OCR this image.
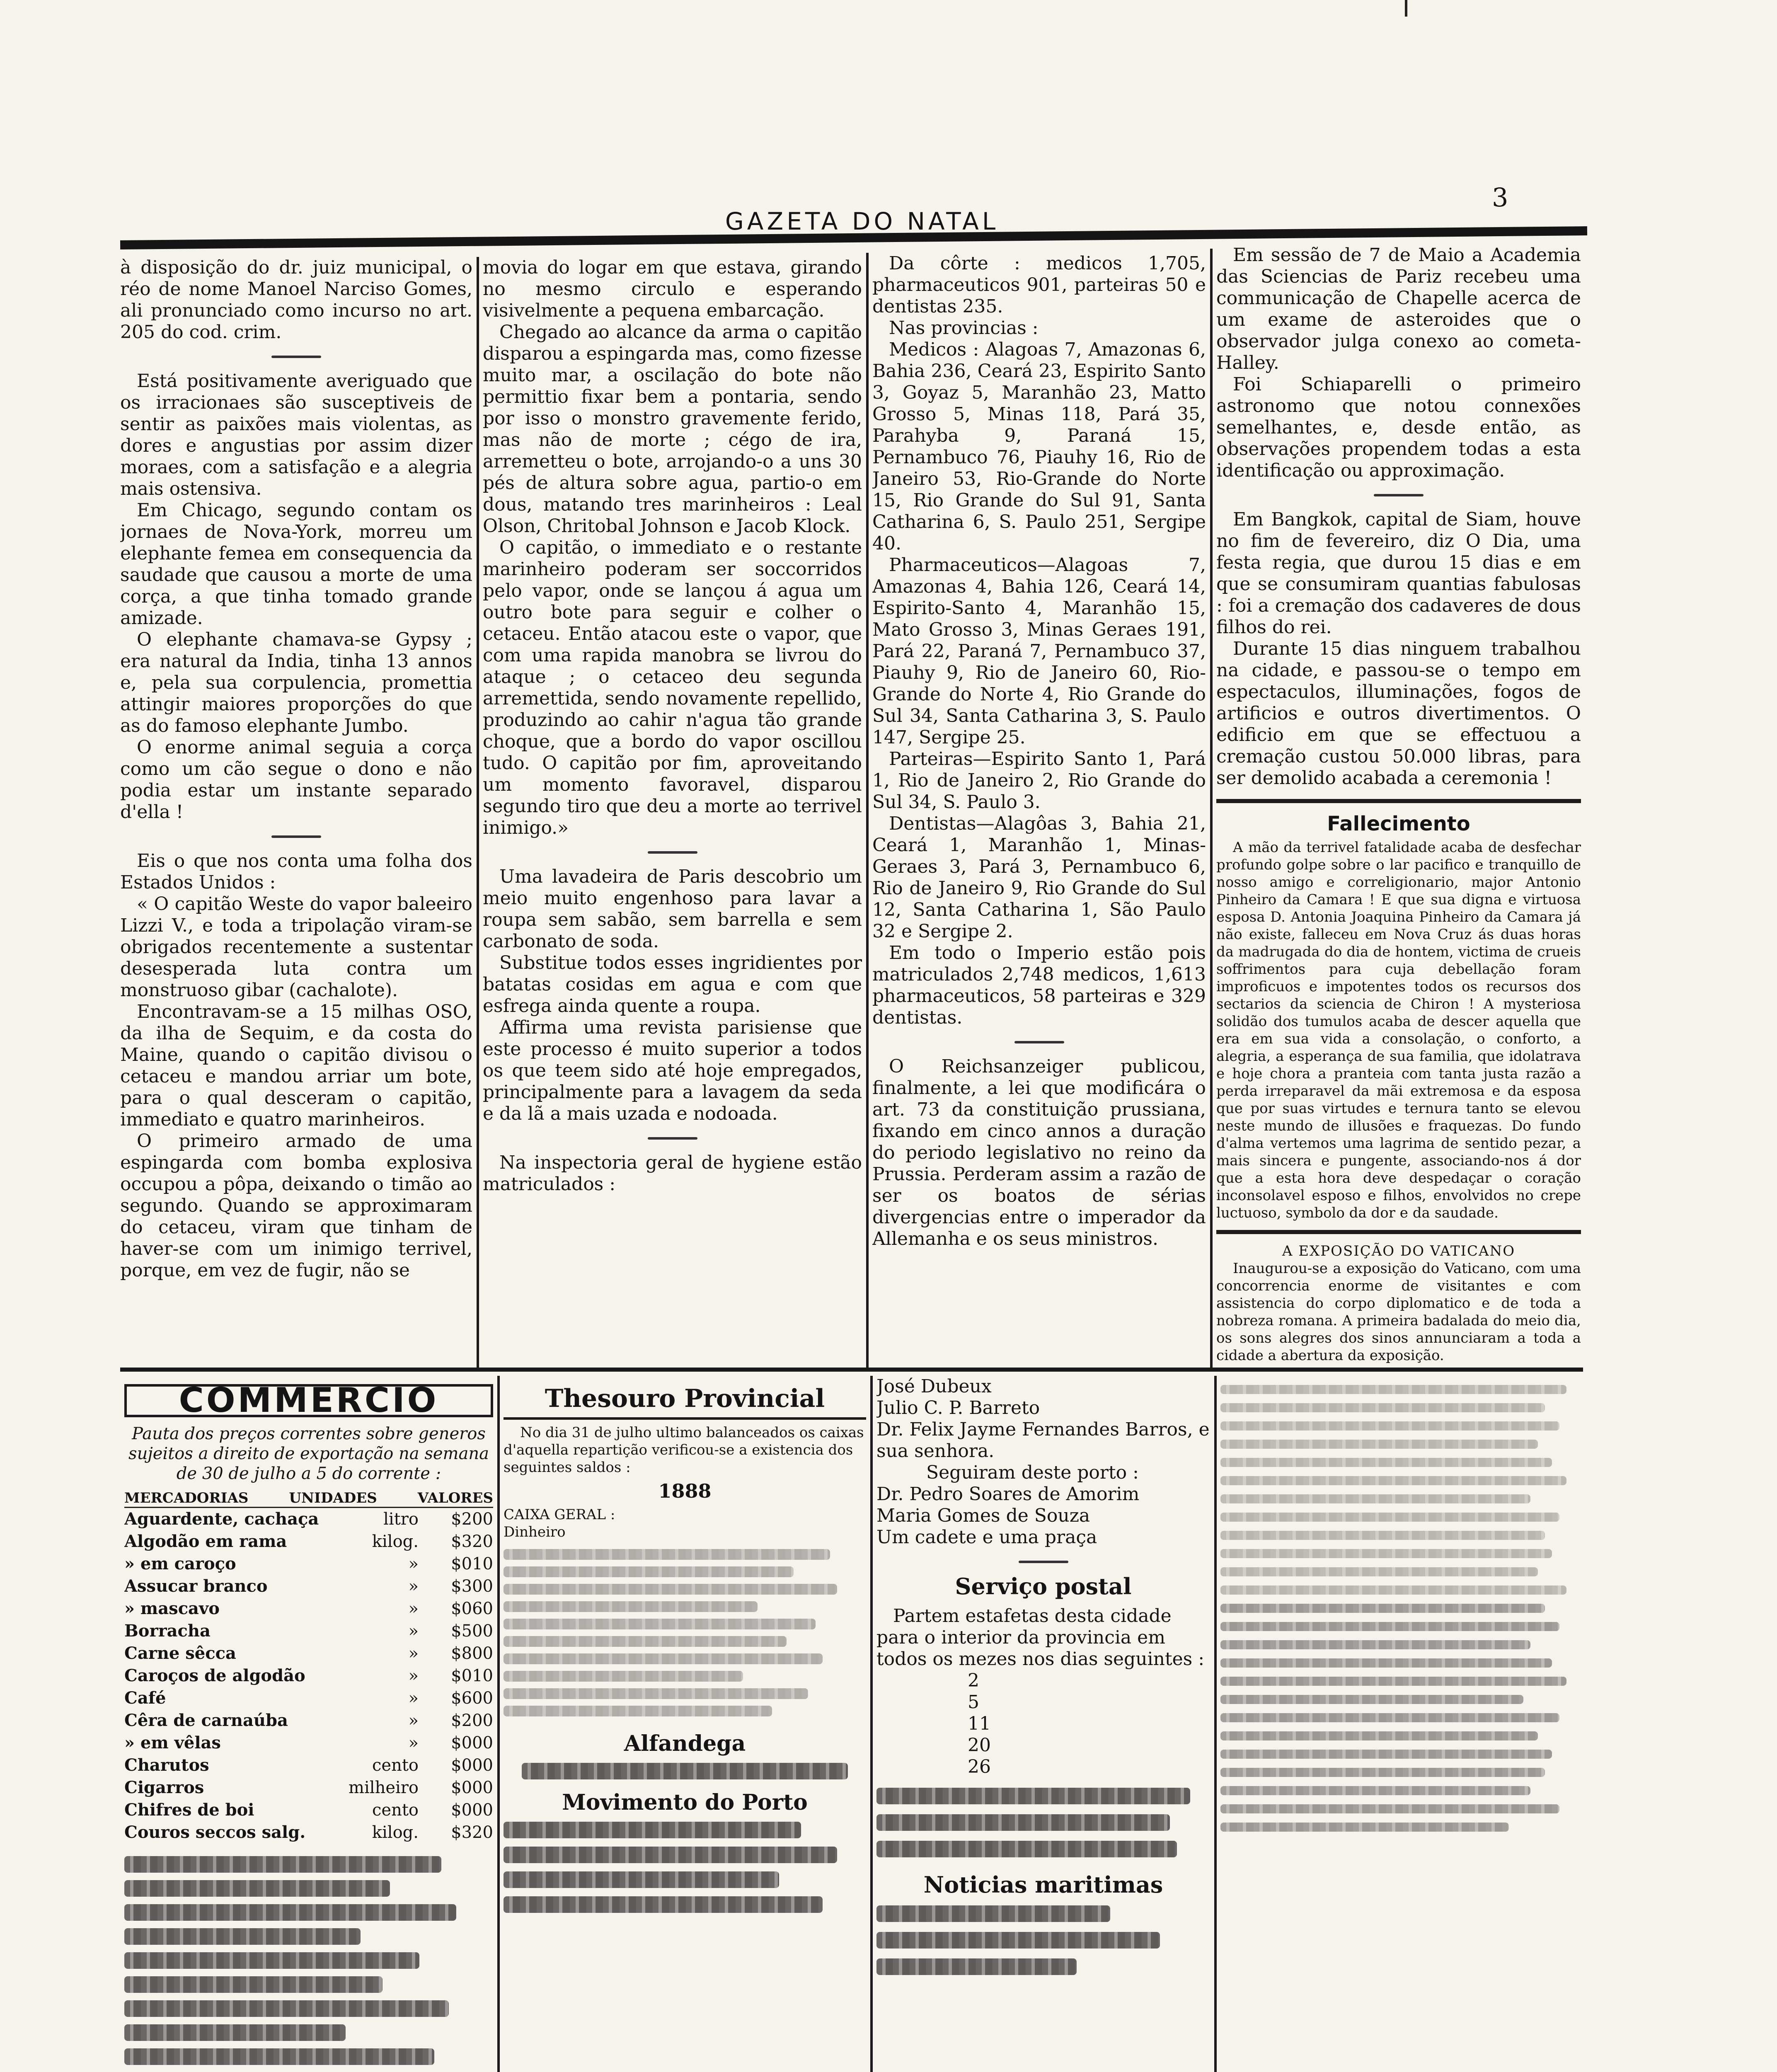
GAZETA DO NATAL
3

à disposição do dr. juiz municipal, o réo de nome Manoel Narciso Gomes, ali pronunciado como incurso no art. 205 do cod. crim.

Está positivamente averiguado que os irracionaes são susceptiveis de sentir as paixões mais violentas, as dores e angustias por assim dizer moraes, com a satisfação e a alegria mais ostensiva.

Em Chicago, segundo contam os jornaes de Nova-York, morreu um elephante femea em consequencia da saudade que causou a morte de uma corça, a que tinha tomado grande amizade.

O elephante chamava-se Gypsy ; era natural da India, tinha 13 annos e, pela sua corpulencia, promettia attingir maiores proporções do que as do famoso elephante Jumbo.

O enorme animal seguia a corça como um cão segue o dono e não podia estar um instante separado d'ella !

Eis o que nos conta uma folha dos Estados Unidos :

« O capitão Weste do vapor baleeiro Lizzi V., e toda a tripolação viram-se obrigados recentemente a sustentar desesperada luta contra um monstruoso gibar (cachalote).

Encontravam-se a 15 milhas OSO, da ilha de Sequim, e da costa do Maine, quando o capitão divisou o cetaceu e mandou arriar um bote, para o qual desceram o capitão, immediato e quatro marinheiros.

O primeiro armado de uma espingarda com bomba explosiva occupou a pôpa, deixando o timão ao segundo. Quando se approximaram do cetaceu, viram que tinham de haver-se com um inimigo terrivel, porque, em vez de fugir, não se

movia do logar em que estava, girando no mesmo circulo e esperando visivelmente a pequena embarcação.

Chegado ao alcance da arma o capitão disparou a espingarda mas, como fizesse muito mar, a oscilação do bote não permittio fixar bem a pontaria, sendo por isso o monstro gravemente ferido, mas não de morte ; cégo de ira, arremetteu o bote, arrojando-o a uns 30 pés de altura sobre agua, partio-o em dous, matando tres marinheiros : Leal Olson, Chritobal Johnson e Jacob Klock.

O capitão, o immediato e o restante marinheiro poderam ser soccorridos pelo vapor, onde se lançou á agua um outro bote para seguir e colher o cetaceu. Então atacou este o vapor, que com uma rapida manobra se livrou do ataque ; o cetaceo deu segunda arremettida, sendo novamente repellido, produzindo ao cahir n'agua tão grande choque, que a bordo do vapor oscillou tudo. O capitão por fim, aproveitando um momento favoravel, disparou segundo tiro que deu a morte ao terrivel inimigo.»

Uma lavadeira de Paris descobrio um meio muito engenhoso para lavar a roupa sem sabão, sem barrella e sem carbonato de soda.

Substitue todos esses ingridientes por batatas cosidas em agua e com que esfrega ainda quente a roupa.

Affirma uma revista parisiense que este processo é muito superior a todos os que teem sido até hoje empregados, principalmente para a lavagem da seda e da lã a mais uzada e nodoada.

Na inspectoria geral de hygiene estão matriculados :

Da côrte : medicos 1,705, pharmaceuticos 901, parteiras 50 e dentistas 235.

Nas provincias :

Medicos : Alagoas 7, Amazonas 6, Bahia 236, Ceará 23, Espirito Santo 3, Goyaz 5, Maranhão 23, Matto Grosso 5, Minas 118, Pará 35, Parahyba 9, Paraná 15, Pernambuco 76, Piauhy 16, Rio de Janeiro 53, Rio-Grande do Norte 15, Rio Grande do Sul 91, Santa Catharina 6, S. Paulo 251, Sergipe 40.

Pharmaceuticos—Alagoas 7, Amazonas 4, Bahia 126, Ceará 14, Espirito-Santo 4, Maranhão 15, Mato Grosso 3, Minas Geraes 191, Pará 22, Paraná 7, Pernambuco 37, Piauhy 9, Rio de Janeiro 60, Rio-Grande do Norte 4, Rio Grande do Sul 34, Santa Catharina 3, S. Paulo 147, Sergipe 25.

Parteiras—Espirito Santo 1, Pará 1, Rio de Janeiro 2, Rio Grande do Sul 34, S. Paulo 3.

Dentistas—Alagôas 3, Bahia 21, Ceará 1, Maranhão 1, Minas-Geraes 3, Pará 3, Pernambuco 6, Rio de Janeiro 9, Rio Grande do Sul 12, Santa Catharina 1, São Paulo 32 e Sergipe 2.

Em todo o Imperio estão pois matriculados 2,748 medicos, 1,613 pharmaceuticos, 58 parteiras e 329 dentistas.

O Reichsanzeiger publicou, finalmente, a lei que modificára o art. 73 da constituição prussiana, fixando em cinco annos a duração do periodo legislativo no reino da Prussia. Perderam assim a razão de ser os boatos de sérias divergencias entre o imperador da Allemanha e os seus ministros.

Em sessão de 7 de Maio a Academia das Sciencias de Pariz recebeu uma communicação de Chapelle acerca de um exame de asteroides que o observador julga conexo ao cometa-Halley.

Foi Schiaparelli o primeiro astronomo que notou connexões semelhantes, e, desde então, as observações propendem todas a esta identificação ou approximação.

Em Bangkok, capital de Siam, houve no fim de fevereiro, diz O Dia, uma festa regia, que durou 15 dias e em que se consumiram quantias fabulosas : foi a cremação dos cadaveres de dous filhos do rei.

Durante 15 dias ninguem trabalhou na cidade, e passou-se o tempo em espectaculos, illuminações, fogos de artificios e outros divertimentos. O edificio em que se effectuou a cremação custou 50.000 libras, para ser demolido acabada a ceremonia !

Fallecimento

A mão da terrivel fatalidade acaba de desfechar profundo golpe sobre o lar pacifico e tranquillo de nosso amigo e correligionario, major Antonio Pinheiro da Camara ! E que sua digna e virtuosa esposa D. Antonia Joaquina Pinheiro da Camara já não existe, falleceu em Nova Cruz ás duas horas da madrugada do dia de hontem, victima de crueis soffrimentos para cuja debellação foram improficuos e impotentes todos os recursos dos sectarios da sciencia de Chiron ! A mysteriosa solidão dos tumulos acaba de descer aquella que era em sua vida a consolação, o conforto, a alegria, a esperança de sua familia, que idolatrava e hoje chora a pranteia com tanta justa razão a perda irreparavel da mãi extremosa e da esposa que por suas virtudes e ternura tanto se elevou neste mundo de illusões e fraquezas. Do fundo d'alma vertemos uma lagrima de sentido pezar, a mais sincera e pungente, associando-nos á dor que a esta hora deve despedaçar o coração inconsolavel esposo e filhos, envolvidos no crepe luctuoso, symbolo da dor e da saudade.

A EXPOSIÇÃO DO VATICANO

Inaugurou-se a exposição do Vaticano, com uma concorrencia enorme de visitantes e com assistencia do corpo diplomatico e de toda a nobreza romana. A primeira badalada do meio dia, os sons alegres dos sinos annunciaram a toda a cidade a abertura da exposição.

COMMERCIO

Pauta dos preços correntes sobre generos sujeitos a direito de exportação na semana de 30 de julho a 5 do corrente :

MERCADORIAS	UNIDADES	VALORES
Aguardente, cachaça	litro	$200
Algodão em rama	kilog.	$320
» em caroço	»	$010
Assucar branco	»	$300
» mascavo	»	$060
Borracha	»	$500
Carne sêcca	»	$800
Caroços de algodão	»	$010
Café	»	$600
Cêra de carnaúba	»	$200
» em vêlas	»	$000
Charutos	cento	$000
Cigarros	milheiro	$000
Chifres de boi	cento	$000
Couros seccos salg.	kilog.	$320
Thesouro Provincial

No dia 31 de julho ultimo balanceados os caixas d'aquella repartição verificou-se a existencia dos seguintes saldos :

1888
CAIXA GERAL :
Dinheiro
Alfandega
Movimento do Porto
José Dubeux
Julio C. P. Barreto
Dr. Felix Jayme Fernandes Barros, e sua senhora.
Seguiram deste porto :
Dr. Pedro Soares de Amorim
Maria Gomes de Souza
Um cadete e uma praça
Serviço postal

Partem estafetas desta cidade para o interior da provincia em todos os mezes nos dias seguintes :

2
5
11
20
26
Noticias maritimas
